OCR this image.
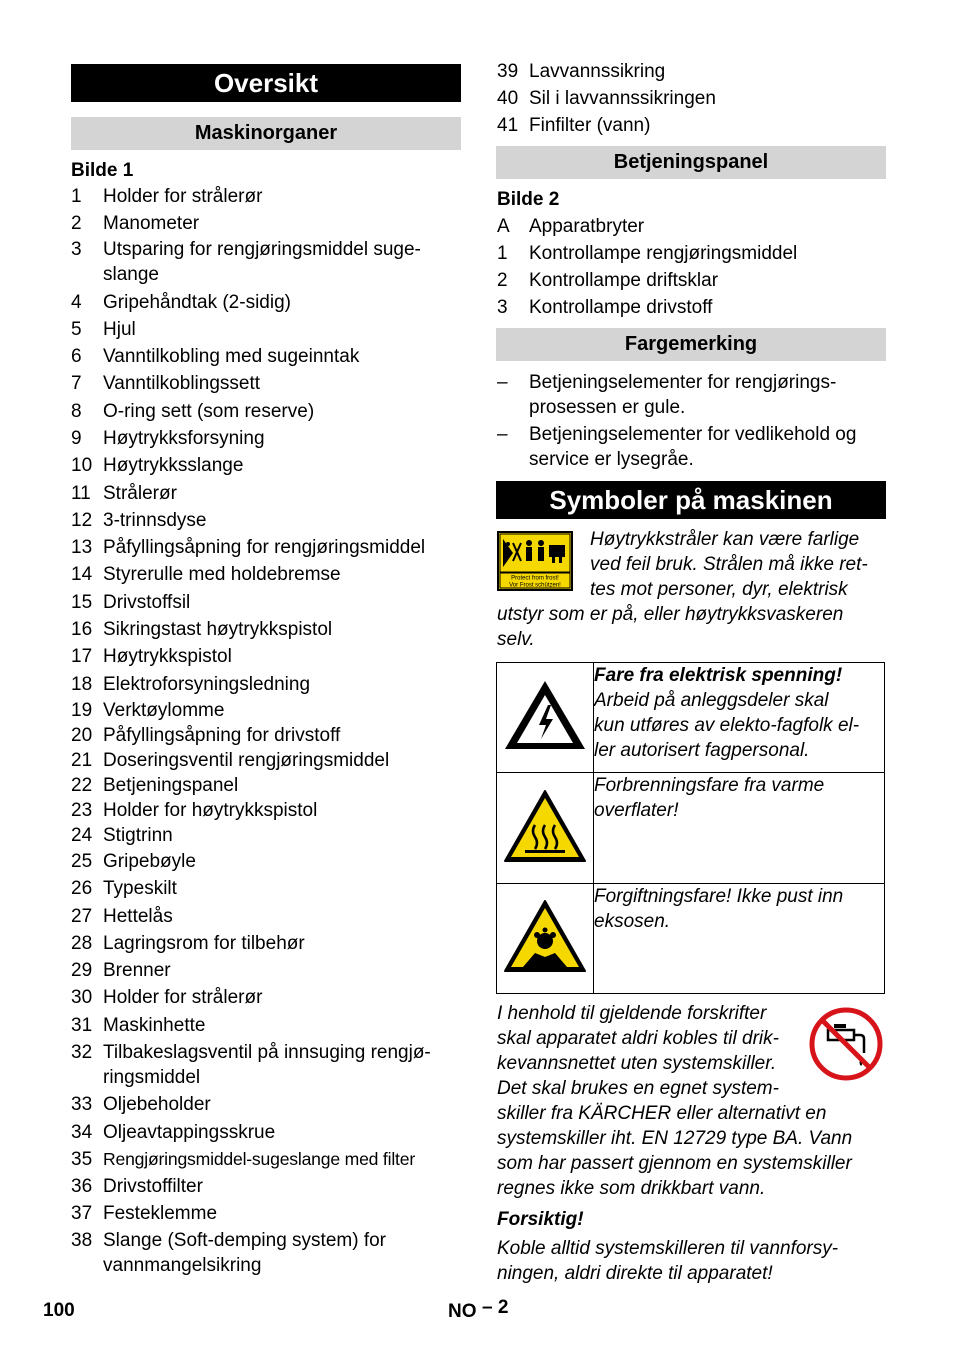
Oversikt
Maskinorganer
Bilde 1
1 Holder for strålerør
2 Manometer
3 Utsparing for rengjøringsmiddel suge-
slange
4 Gripehåndtak (2-sidig)
5 Hjul
6 Vanntilkobling med sugeinntak
7 Vanntilkoblingssett
8 O-ring sett (som reserve)
9 Høytrykksforsyning
10 Høytrykksslange
11 Strålerør
12 3-trinnsdyse
13 Påfyllingsåpning for rengjøringsmiddel
14 Styrerulle med holdebremse
15 Drivstoffsil
16 Sikringstast høytrykkspistol
17 Høytrykkspistol
18 Elektroforsyningsledning
19 Verktøylomme
20 Påfyllingsåpning for drivstoff
21 Doseringsventil rengjøringsmiddel
22 Betjeningspanel
23 Holder for høytrykkspistol
24 Stigtrinn
25 Gripebøyle
26 Typeskilt
27 Hettelås
28 Lagringsrom for tilbehør
29 Brenner
30 Holder for strålerør
31 Maskinhette
32 Tilbakeslagsventil på innsuging rengjø-
ringsmiddel
33 Oljebeholder
34 Oljeavtappingsskrue
35 Rengjøringsmiddel-sugeslange med filter
36 Drivstoffilter
37 Festeklemme
38 Slange (Soft-demping system) for
vannmangelsikring
39 Lavvannssikring
40 Sil i lavvannssikringen
41 Finfilter (vann)
Betjeningspanel
Bilde 2
A Apparatbryter
1 Kontrollampe rengjøringsmiddel
2 Kontrollampe driftsklar
3 Kontrollampe drivstoff
Fargemerking
– Betjeningselementer for rengjørings-
prosessen er gule.
– Betjeningselementer for vedlikehold og
service er lysegråe.
Symboler på maskinen
Protect from frost!
Vor Frost schützen!
Høytrykkstråler kan være farlige
ved feil bruk. Strålen må ikke ret-
tes mot personer, dyr, elektrisk
utstyr som er på, eller høytrykksvaskeren
selv.

Fare fra elektrisk spenning!
Arbeid på anleggsdeler skal
kun utføres av elekto-fagfolk el-
ler autorisert fagpersonal.

Forbrenningsfare fra varme
overflater!

Forgiftningsfare! Ikke pust inn
eksosen.
I henhold til gjeldende forskrifter
skal apparatet aldri kobles til drik-
kevannsnettet uten systemskiller.
Det skal brukes en egnet system-
skiller fra KÄRCHER eller alternativt en
systemskiller iht. EN 12729 type BA. Vann
som har passert gjennom en systemskiller
regnes ikke som drikkbart vann.
Forsiktig!
Koble alltid systemskilleren til vannforsy-
ningen, aldri direkte til apparatet!
100	NO – 2
